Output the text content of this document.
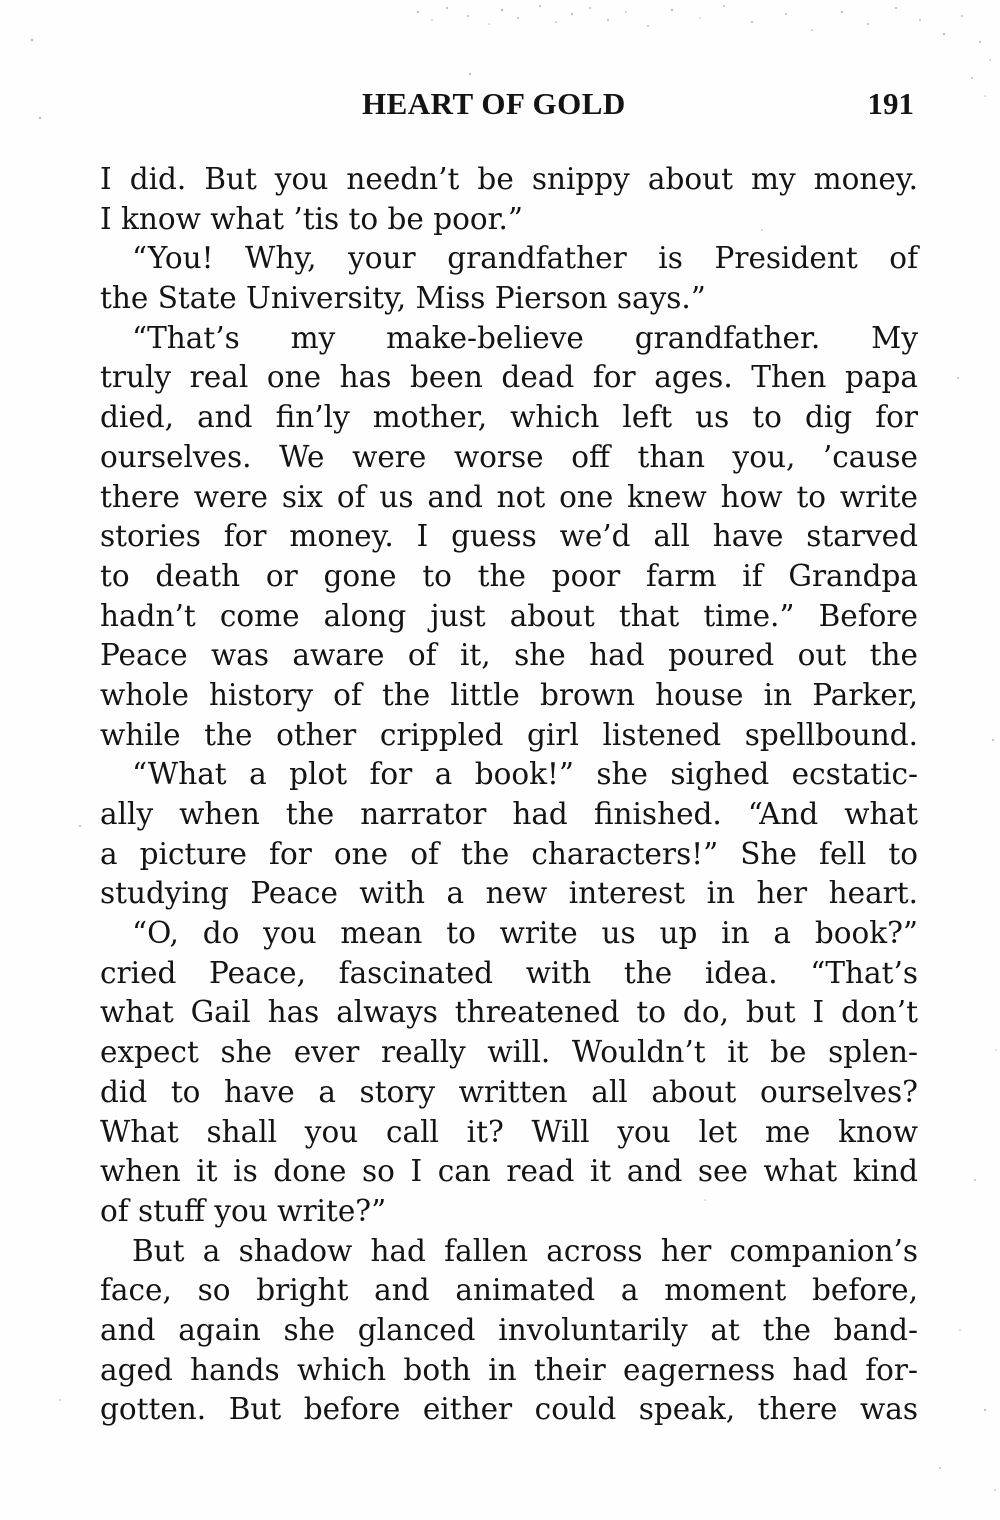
HEART OF GOLD	191
I did. But you needn’t be snippy about my money.
I know what ’tis to be poor.”
“You! Why, your grandfather is President of
the State University, Miss Pierson says.”
“That’s my make-believe grandfather. My
truly real one has been dead for ages. Then papa
died, and fin’ly mother, which left us to dig for
ourselves. We were worse off than you, ’cause
there were six of us and not one knew how to write
stories for money. I guess we’d all have starved
to death or gone to the poor farm if Grandpa
hadn’t come along just about that time.” Before
Peace was aware of it, she had poured out the
whole history of the little brown house in Parker,
while the other crippled girl listened spellbound.
“What a plot for a book!” she sighed ecstatic-
ally when the narrator had finished. “And what
a picture for one of the characters!” She fell to
studying Peace with a new interest in her heart.
“O, do you mean to write us up in a book?”
cried Peace, fascinated with the idea. “That’s
what Gail has always threatened to do, but I don’t
expect she ever really will. Wouldn’t it be splen-
did to have a story written all about ourselves?
What shall you call it? Will you let me know
when it is done so I can read it and see what kind
of stuff you write?”
But a shadow had fallen across her companion’s
face, so bright and animated a moment before,
and again she glanced involuntarily at the band-
aged hands which both in their eagerness had for-
gotten. But before either could speak, there was
